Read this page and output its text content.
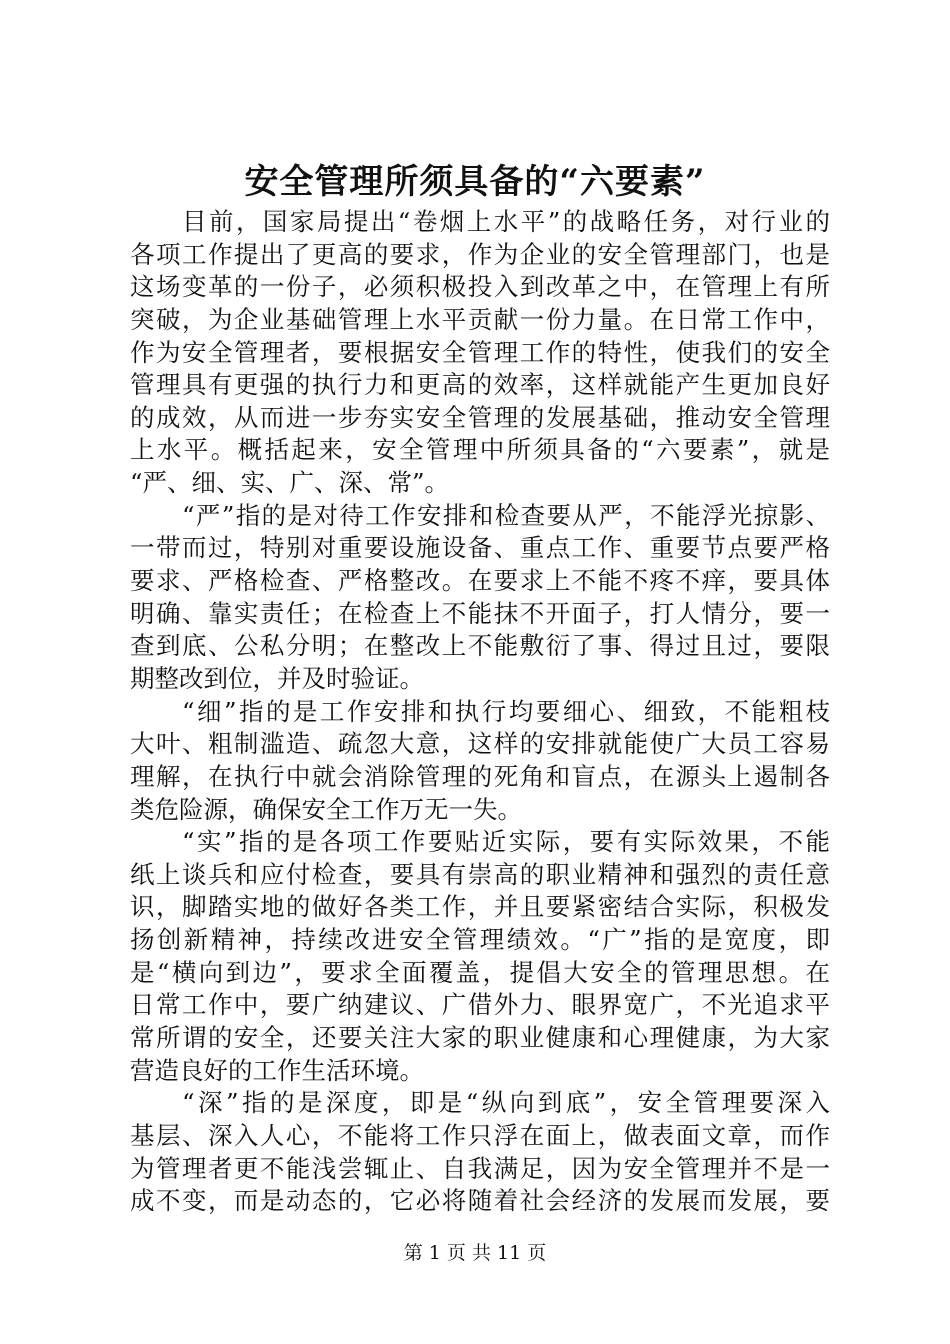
安全管理所须具备的“六要素”
目前，国家局提出“卷烟上水平”的战略任务，对行业的
各项工作提出了更高的要求，作为企业的安全管理部门，也是
这场变革的一份子，必须积极投入到改革之中，在管理上有所
突破，为企业基础管理上水平贡献一份力量。在日常工作中，
作为安全管理者，要根据安全管理工作的特性，使我们的安全
管理具有更强的执行力和更高的效率，这样就能产生更加良好
的成效，从而进一步夯实安全管理的发展基础，推动安全管理
上水平。概括起来，安全管理中所须具备的“六要素”，就是
“严、细、实、广、深、常”。
“严”指的是对待工作安排和检查要从严，不能浮光掠影、
一带而过，特别对重要设施设备、重点工作、重要节点要严格
要求、严格检查、严格整改。在要求上不能不疼不痒，要具体
明确、靠实责任；在检查上不能抹不开面子，打人情分，要一
查到底、公私分明；在整改上不能敷衍了事、得过且过，要限
期整改到位，并及时验证。
“细”指的是工作安排和执行均要细心、细致，不能粗枝
大叶、粗制滥造、疏忽大意，这样的安排就能使广大员工容易
理解，在执行中就会消除管理的死角和盲点，在源头上遏制各
类危险源，确保安全工作万无一失。
“实”指的是各项工作要贴近实际，要有实际效果，不能
纸上谈兵和应付检查，要具有崇高的职业精神和强烈的责任意
识，脚踏实地的做好各类工作，并且要紧密结合实际，积极发
扬创新精神，持续改进安全管理绩效。“广”指的是宽度，即
是“横向到边”，要求全面覆盖，提倡大安全的管理思想。在
日常工作中，要广纳建议、广借外力、眼界宽广，不光追求平
常所谓的安全，还要关注大家的职业健康和心理健康，为大家
营造良好的工作生活环境。
“深”指的是深度，即是“纵向到底”，安全管理要深入
基层、深入人心，不能将工作只浮在面上，做表面文章，而作
为管理者更不能浅尝辄止、自我满足，因为安全管理并不是一
成不变，而是动态的，它必将随着社会经济的发展而发展，要
第 1 页 共 11 页
